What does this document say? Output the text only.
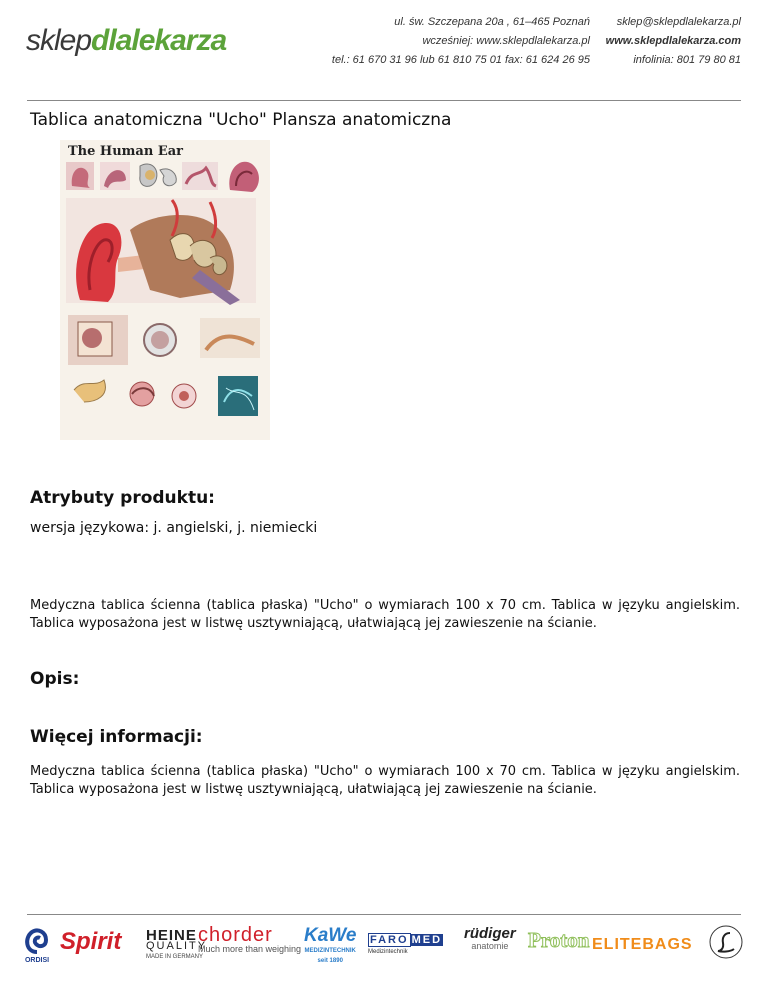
sklepdlalekarza
ul. św. Szczepana 20a , 61–465 Poznań
wcześniej: www.sklepdlalekarza.pl
tel.: 61 670 31 96 lub 61 810 75 01 fax: 61 624 26 95
sklep@sklepdlalekarza.pl
www.sklepdlalekarza.com
infolinia: 801 79 80 81
Tablica anatomiczna "Ucho" Plansza anatomiczna
The Human Ear
Atrybuty produktu:
wersja językowa: j. angielski, j. niemiecki
Medyczna tablica ścienna (tablica płaska) "Ucho" o wymiarach 100 x 70 cm. Tablica w języku angielskim. Tablica wyposażona jest w listwę usztywniającą, ułatwiającą jej zawieszenie na ścianie.
Opis:
Więcej informacji:
Medyczna tablica ścienna (tablica płaska) "Ucho" o wymiarach 100 x 70 cm. Tablica w języku angielskim. Tablica wyposażona jest w listwę usztywniającą, ułatwiającą jej zawieszenie na ścianie.
ORDISI
Spirit HEINE
QUALITY
MADE IN GERMANY
chorder
Much more than weighing
KaWe
MEDIZINTECHNIK
seit 1890
FARO MED
Medizintechnik
rüdiger
anatomie Proton ELITEBAGS
